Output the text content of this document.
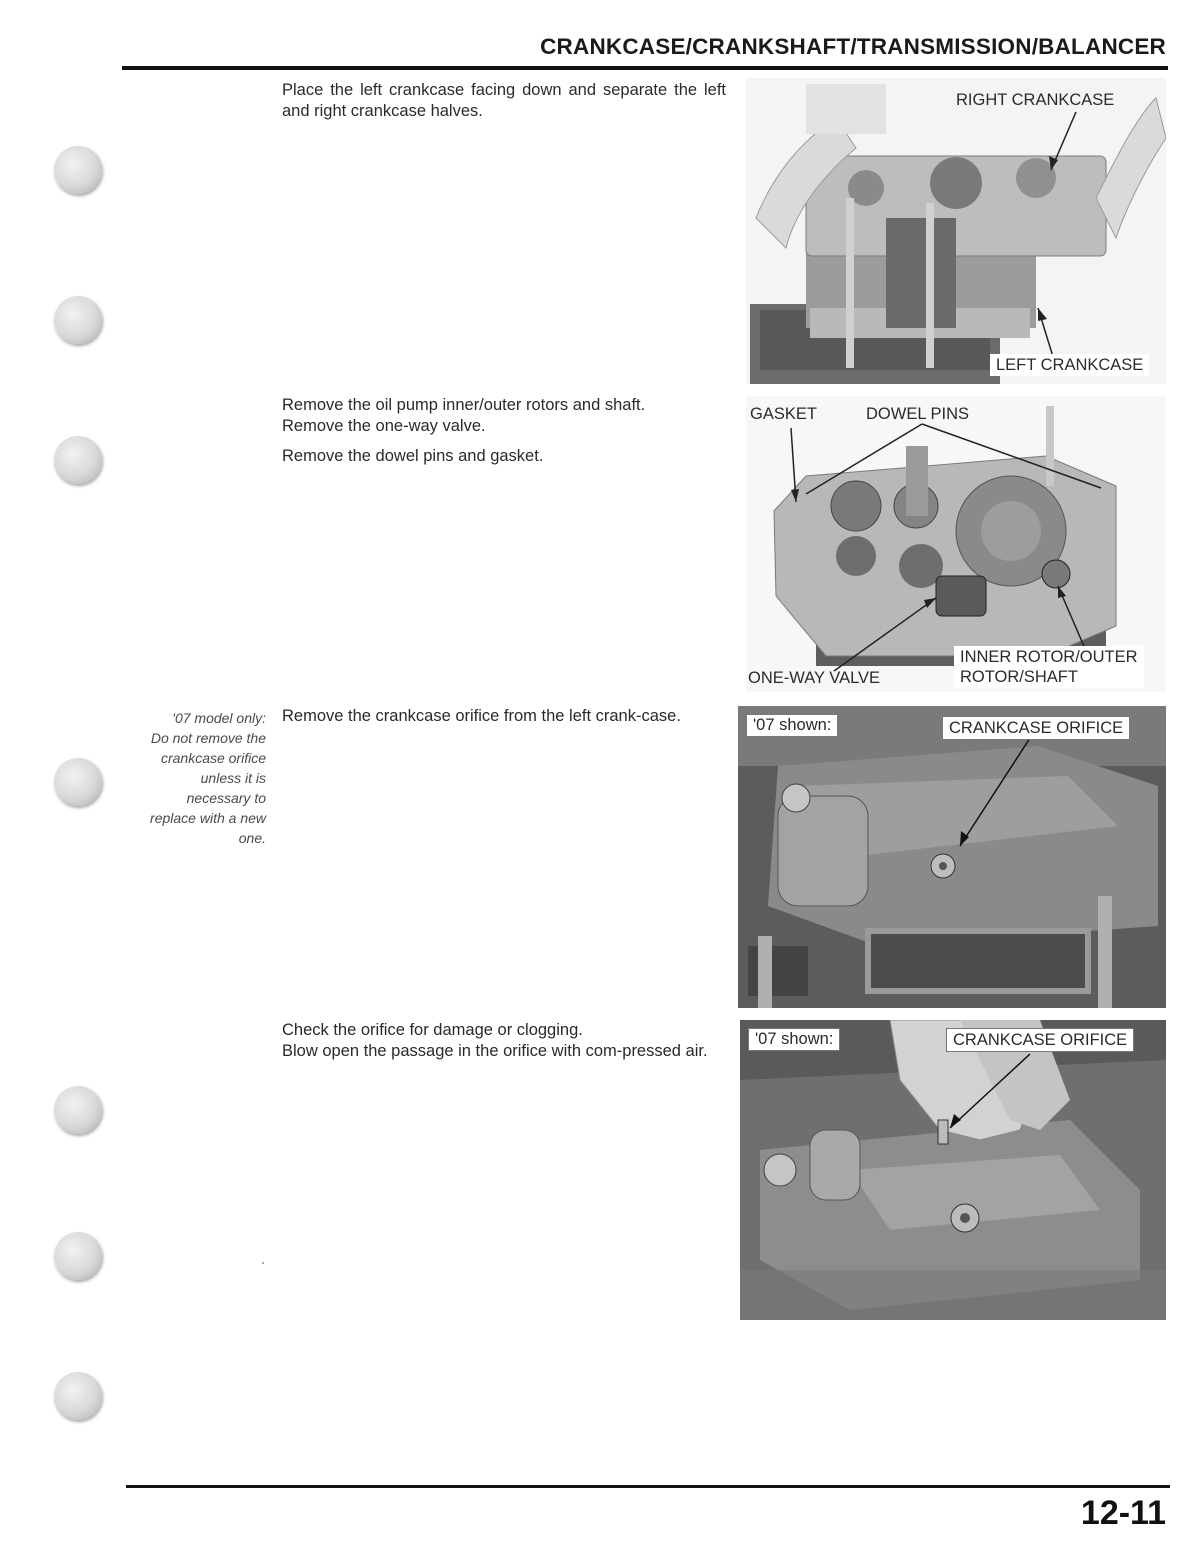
CRANKCASE/CRANKSHAFT/TRANSMISSION/BALANCER

Place the left crankcase facing down and separate the left and right crankcase halves.

Remove the oil pump inner/outer rotors and shaft.
Remove the one-way valve.
Remove the dowel pins and gasket.

Remove the crankcase orifice from the left crank-case.

Check the orifice for damage or clogging.
Blow open the passage in the orifice with com-pressed air.
'07 model only:
Do not remove the
crankcase orifice
unless it is
necessary to
replace with a new
one.
RIGHT CRANKCASE
LEFT CRANKCASE
GASKET	DOWEL PINS
ONE-WAY VALVE
INNER ROTOR/OUTER
ROTOR/SHAFT
'07 shown:	CRANKCASE ORIFICE
'07 shown:	CRANKCASE ORIFICE
12-11
